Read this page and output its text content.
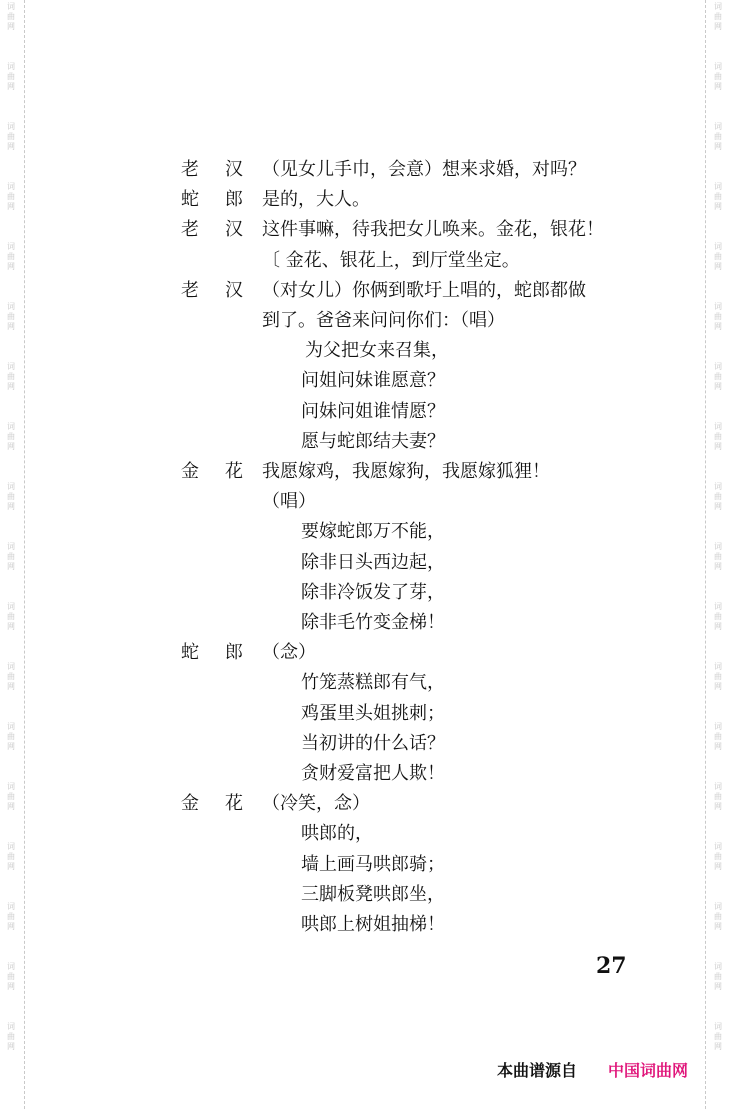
词
曲
网
词
曲
网
词
曲
网
词
曲
网
词
曲
网
词
曲
网
词
曲
网
词
曲
网
词
曲
网
词
曲
网
词
曲
网
词
曲
网
词
曲
网
词
曲
网
词
曲
网
词
曲
网
词
曲
网
词
曲
网
词
曲
网
词
曲
网
词
曲
网
词
曲
网
词
曲
网
词
曲
网
词
曲
网
词
曲
网
词
曲
网
词
曲
网
词
曲
网
词
曲
网
词
曲
网
词
曲
网
词
曲
网
词
曲
网
词
曲
网
词
曲
网
老 汉 （见女儿手巾，会意）想来求婚，对吗？
蛇 郎 是的，大人。
老 汉 这件事嘛，待我把女儿唤来。金花，银花！
〔 金花、银花上，到厅堂坐定。
老 汉 （对女儿）你俩到歌圩上唱的，蛇郎都做
到了。爸爸来问问你们：（唱）
为父把女来召集，
问姐问妹谁愿意？
问妹问姐谁情愿？
愿与蛇郎结夫妻？
金 花 我愿嫁鸡，我愿嫁狗，我愿嫁狐狸！
（唱）
要嫁蛇郎万不能，
除非日头西边起，
除非冷饭发了芽，
除非毛竹变金梯！
蛇 郎 （念）
竹笼蒸糕郎有气，
鸡蛋里头姐挑刺；
当初讲的什么话？
贪财爱富把人欺！
金 花 （冷笑，念）
哄郎的，
墙上画马哄郎骑；
三脚板凳哄郎坐，
哄郎上树姐抽梯！
27
本曲谱源自 中国词曲网
